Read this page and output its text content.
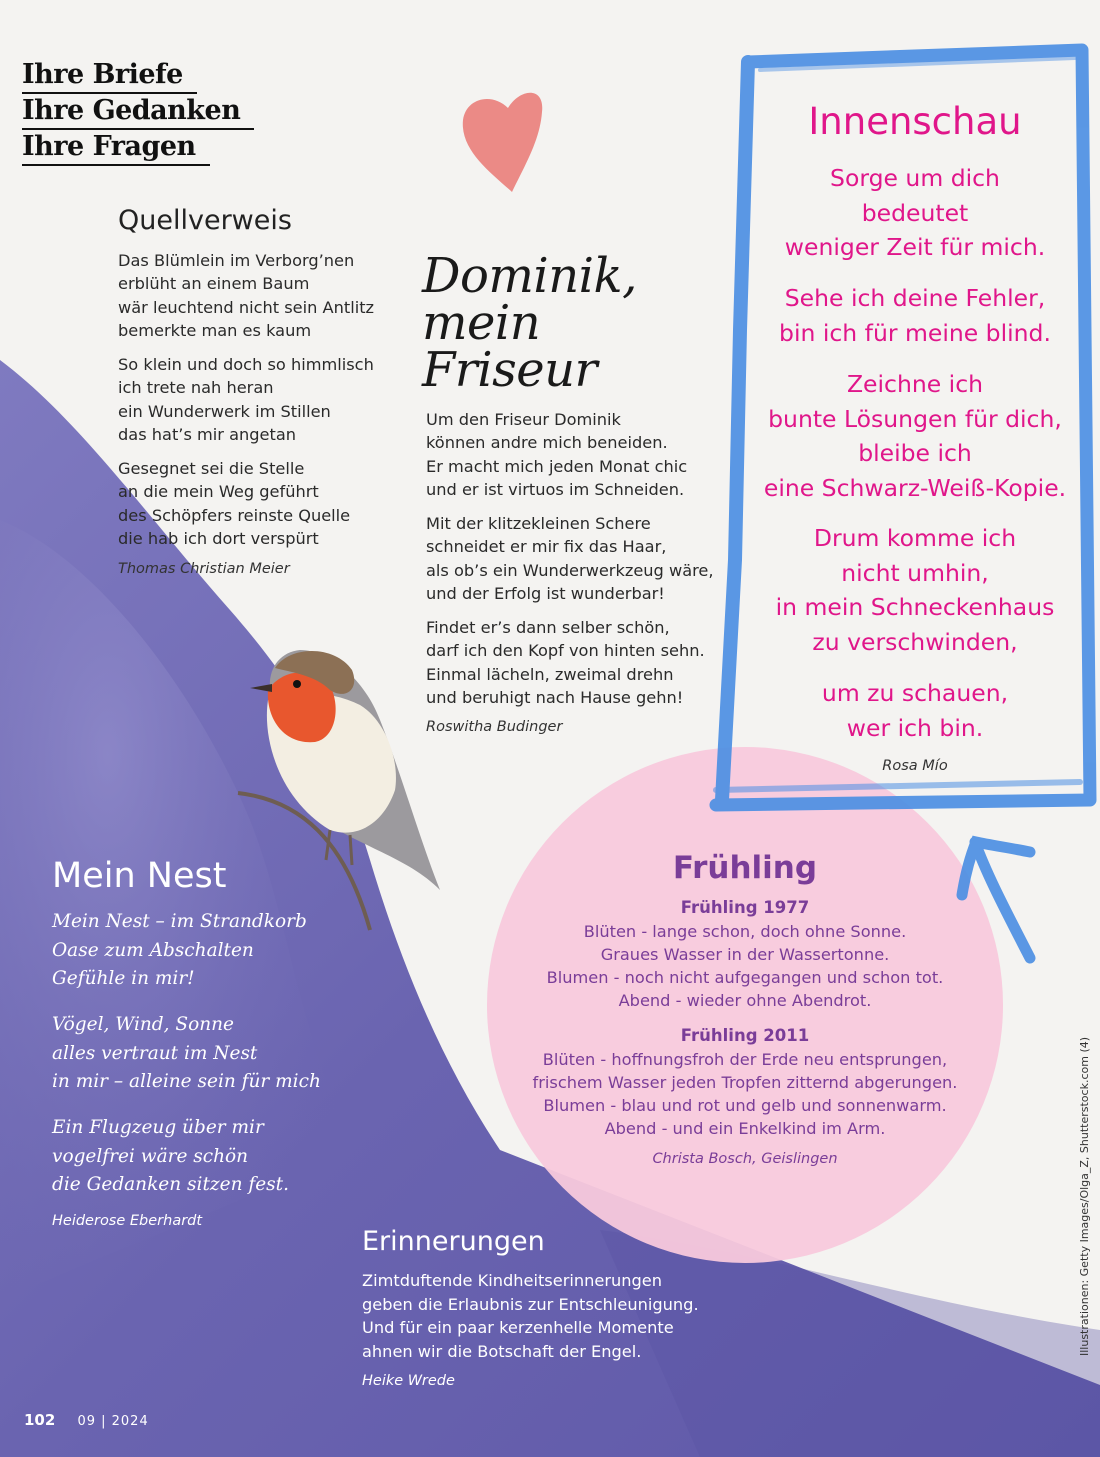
Ihre Briefe
Ihre Gedanken
Ihre Fragen
Quellverweis

Das Blümlein im Verborg’nen
erblüht an einem Baum
wär leuchtend nicht sein Antlitz
bemerkte man es kaum

So klein und doch so himmlisch
ich trete nah heran
ein Wunderwerk im Stillen
das hat’s mir angetan

Gesegnet sei die Stelle
an die mein Weg geführt
des Schöpfers reinste Quelle
die hab ich dort verspürt

Thomas Christian Meier
Dominik,
mein
Friseur

Um den Friseur Dominik
können andre mich beneiden.
Er macht mich jeden Monat chic
und er ist virtuos im Schneiden.

Mit der klitzekleinen Schere
schneidet er mir fix das Haar,
als ob’s ein Wunderwerkzeug wäre,
und der Erfolg ist wunderbar!

Findet er’s dann selber schön,
darf ich den Kopf von hinten sehn.
Einmal lächeln, zweimal drehn
und beruhigt nach Hause gehn!

Roswitha Budinger
Innenschau

Sorge um dich
bedeutet
weniger Zeit für mich.

Sehe ich deine Fehler,
bin ich für meine blind.

Zeichne ich
bunte Lösungen für dich,
bleibe ich
eine Schwarz-Weiß-Kopie.

Drum komme ich
nicht umhin,
in mein Schneckenhaus
zu verschwinden,

um zu schauen,
wer ich bin.

Rosa Mío
Frühling
Frühling 1977

Blüten - lange schon, doch ohne Sonne.
Graues Wasser in der Wassertonne.
Blumen - noch nicht aufgegangen und schon tot.
Abend - wieder ohne Abendrot.

Frühling 2011

Blüten - hoffnungsfroh der Erde neu entsprungen,
frischem Wasser jeden Tropfen zitternd abgerungen.
Blumen - blau und rot und gelb und sonnenwarm.
Abend - und ein Enkelkind im Arm.

Christa Bosch, Geislingen
Mein Nest

Mein Nest – im Strandkorb
Oase zum Abschalten
Gefühle in mir!

Vögel, Wind, Sonne
alles vertraut im Nest
in mir – alleine sein für mich

Ein Flugzeug über mir
vogelfrei wäre schön
die Gedanken sitzen fest.

Heiderose Eberhardt
Erinnerungen

Zimtduftende Kindheitserinnerungen
geben die Erlaubnis zur Entschleunigung.
Und für ein paar kerzenhelle Momente
ahnen wir die Botschaft der Engel.

Heike Wrede
102 09 | 2024
Illustrationen: Getty Images/Olga_Z, Shutterstock.com (4)
